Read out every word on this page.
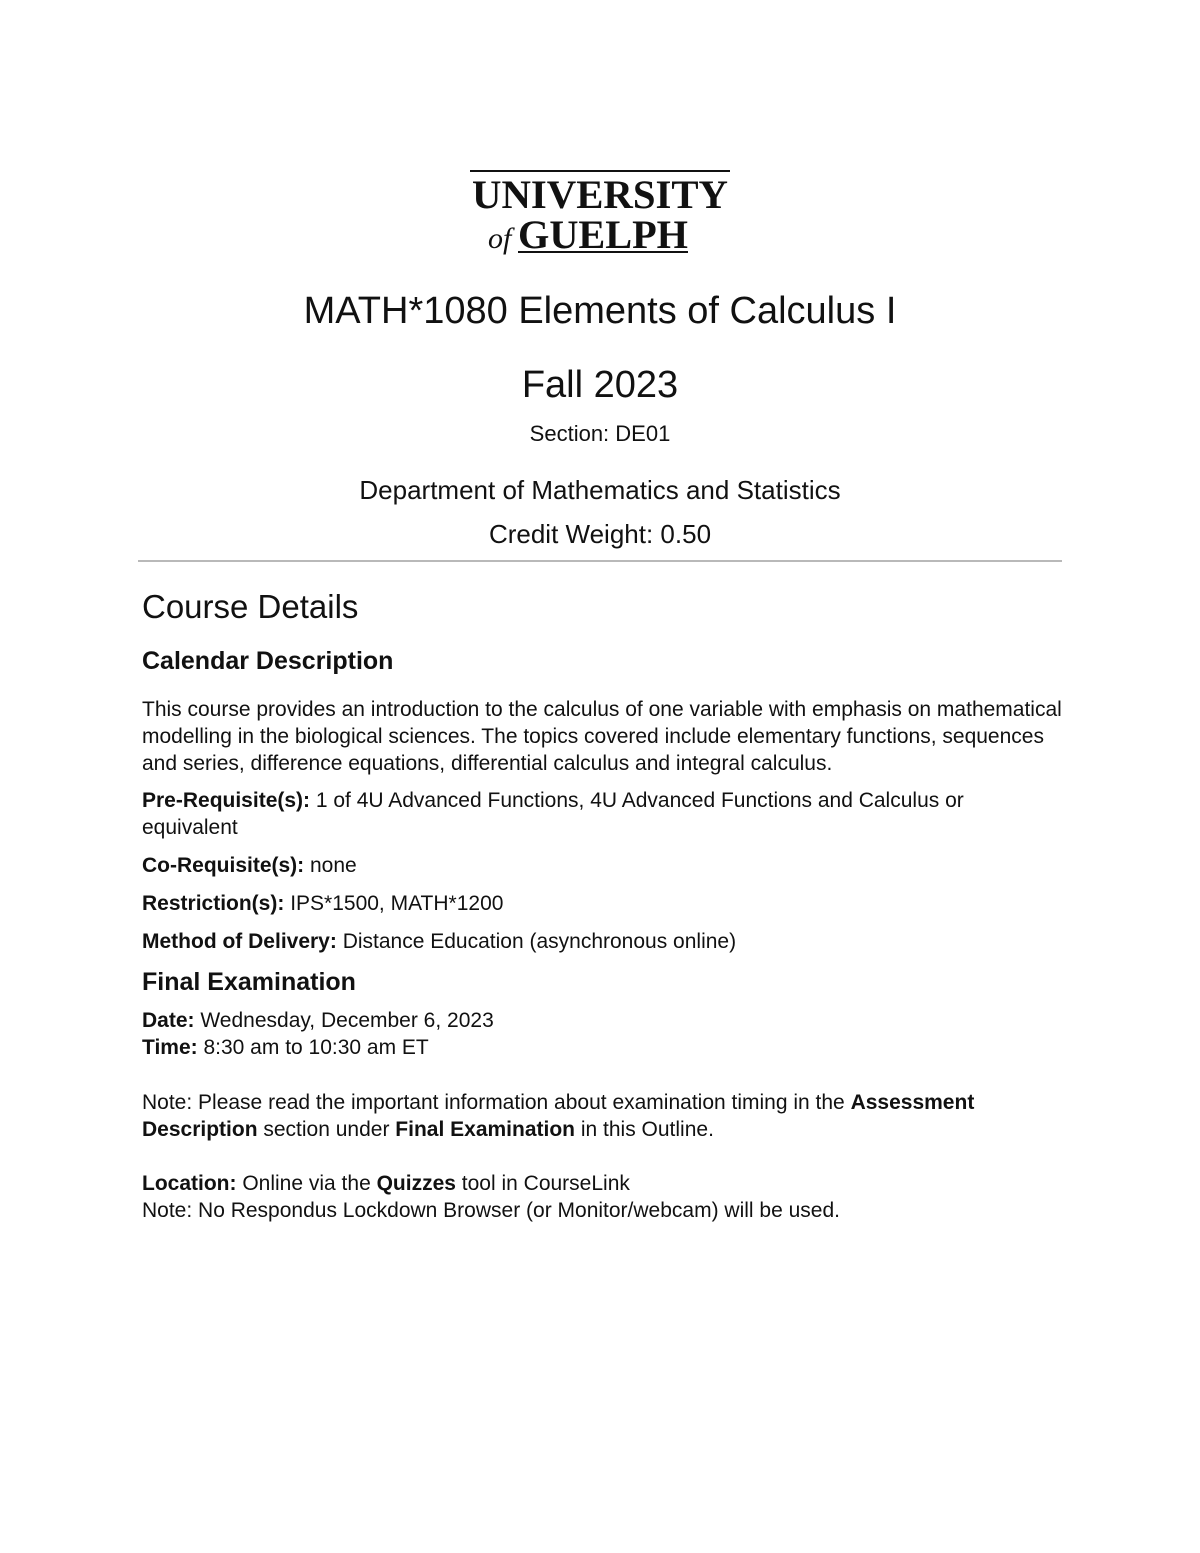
UNIVERSITY
of GUELPH
MATH*1080 Elements of Calculus I
Fall 2023
Section: DE01
Department of Mathematics and Statistics
Credit Weight: 0.50
Course Details
Calendar Description

This course provides an introduction to the calculus of one variable with emphasis on mathematical modelling in the biological sciences. The topics covered include elementary functions, sequences and series, difference equations, differential calculus and integral calculus.

Pre-Requisite(s): 1 of 4U Advanced Functions, 4U Advanced Functions and Calculus or equivalent

Co-Requisite(s): none

Restriction(s): IPS*1500, MATH*1200

Method of Delivery: Distance Education (asynchronous online)

Final Examination

Date: Wednesday, December 6, 2023

Time: 8:30 am to 10:30 am ET

Note: Please read the important information about examination timing in the Assessment Description section under Final Examination in this Outline.

Location: Online via the Quizzes tool in CourseLink

Note: No Respondus Lockdown Browser (or Monitor/webcam) will be used.
